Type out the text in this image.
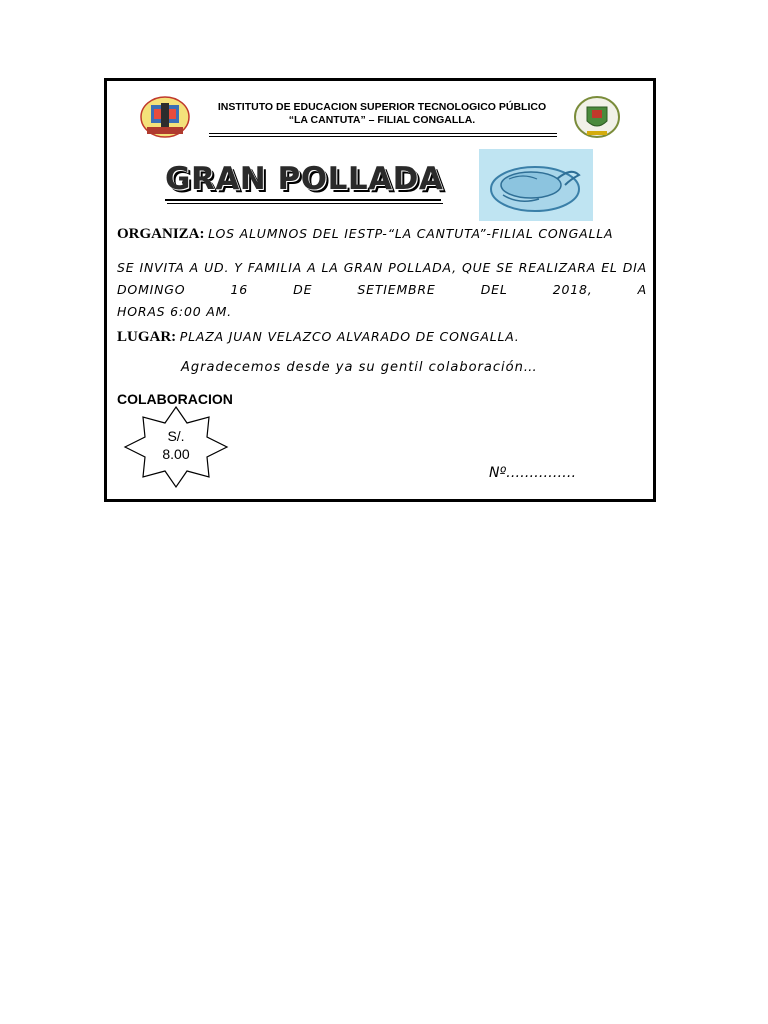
INSTITUTO DE EDUCACION SUPERIOR TECNOLOGICO PÚBLICO
“LA CANTUTA” – FILIAL CONGALLA.
GRAN POLLADA
ORGANIZA: LOS ALUMNOS DEL IESTP-“LA CANTUTA”-FILIAL CONGALLA
SE INVITA A UD. Y FAMILIA A LA GRAN POLLADA, QUE SE REALIZARA EL DIA DOMINGO 16 DE SETIEMBRE DEL 2018, A
HORAS 6:00 AM.
LUGAR: PLAZA JUAN VELAZCO ALVARADO DE CONGALLA.
Agradecemos desde ya su gentil colaboración…
COLABORACION
S/.
8.00
Nº……………
